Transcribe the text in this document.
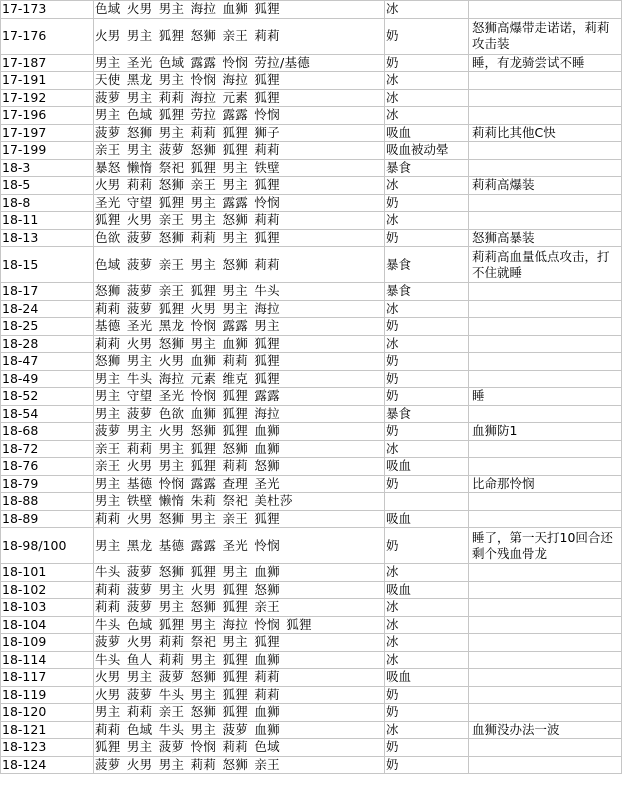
17-173	色域 火男 男主 海拉 血狮 狐狸	冰	
17-176	火男 男主 狐狸 怒狮 亲王 莉莉	奶	怒狮高爆带走诺诺，莉莉攻击装
17-187	男主 圣光 色域 露露 怜悯 劳拉/基德	奶	睡，有龙骑尝试不睡
17-191	天使 黑龙 男主 怜悯 海拉 狐狸	冰	
17-192	菠萝 男主 莉莉 海拉 元素 狐狸	冰	
17-196	男主 色域 狐狸 劳拉 露露 怜悯	冰	
17-197	菠萝 怒狮 男主 莉莉 狐狸 狮子	吸血	莉莉比其他C快
17-199	亲王 男主 菠萝 怒狮 狐狸 莉莉	吸血被动晕	
18-3	暴怒 懒惰 祭祀 狐狸 男主 铁壁	暴食	
18-5	火男 莉莉 怒狮 亲王 男主 狐狸	冰	莉莉高爆装
18-8	圣光 守望 狐狸 男主 露露 怜悯	奶	
18-11	狐狸 火男 亲王 男主 怒狮 莉莉	冰	
18-13	色欲 菠萝 怒狮 莉莉 男主 狐狸	奶	怒狮高暴装
18-15	色域 菠萝 亲王 男主 怒狮 莉莉	暴食	莉莉高血量低点攻击，打不住就睡
18-17	怒狮 菠萝 亲王 狐狸 男主 牛头	暴食	
18-24	莉莉 菠萝 狐狸 火男 男主 海拉	冰	
18-25	基德 圣光 黑龙 怜悯 露露 男主	奶	
18-28	莉莉 火男 怒狮 男主 血狮 狐狸	冰	
18-47	怒狮 男主 火男 血狮 莉莉 狐狸	奶	
18-49	男主 牛头 海拉 元素 维克 狐狸	奶	
18-52	男主 守望 圣光 怜悯 狐狸 露露	奶	睡
18-54	男主 菠萝 色欲 血狮 狐狸 海拉	暴食	
18-68	菠萝 男主 火男 怒狮 狐狸 血狮	奶	血狮防1
18-72	亲王 莉莉 男主 狐狸 怒狮 血狮	冰	
18-76	亲王 火男 男主 狐狸 莉莉 怒狮	吸血	
18-79	男主 基德 怜悯 露露 查理 圣光	奶	比命那怜悯
18-88	男主 铁壁 懒惰 朱莉 祭祀 美杜莎		
18-89	莉莉 火男 怒狮 男主 亲王 狐狸	吸血	
18-98/100	男主 黑龙 基德 露露 圣光 怜悯	奶	睡了，第一天打10回合还剩个残血骨龙
18-101	牛头 菠萝 怒狮 狐狸 男主 血狮	冰	
18-102	莉莉 菠萝 男主 火男 狐狸 怒狮	吸血	
18-103	莉莉 菠萝 男主 怒狮 狐狸 亲王	冰	
18-104	牛头 色域 狐狸 男主 海拉 怜悯 狐狸	冰	
18-109	菠萝 火男 莉莉 祭祀 男主 狐狸	冰	
18-114	牛头 鱼人 莉莉 男主 狐狸 血狮	冰	
18-117	火男 男主 菠萝 怒狮 狐狸 莉莉	吸血	
18-119	火男 菠萝 牛头 男主 狐狸 莉莉	奶	
18-120	男主 莉莉 亲王 怒狮 狐狸 血狮	奶	
18-121	莉莉 色域 牛头 男主 菠萝 血狮	冰	血狮没办法一波
18-123	狐狸 男主 菠萝 怜悯 莉莉 色域	奶	
18-124	菠萝 火男 男主 莉莉 怒狮 亲王	奶	
